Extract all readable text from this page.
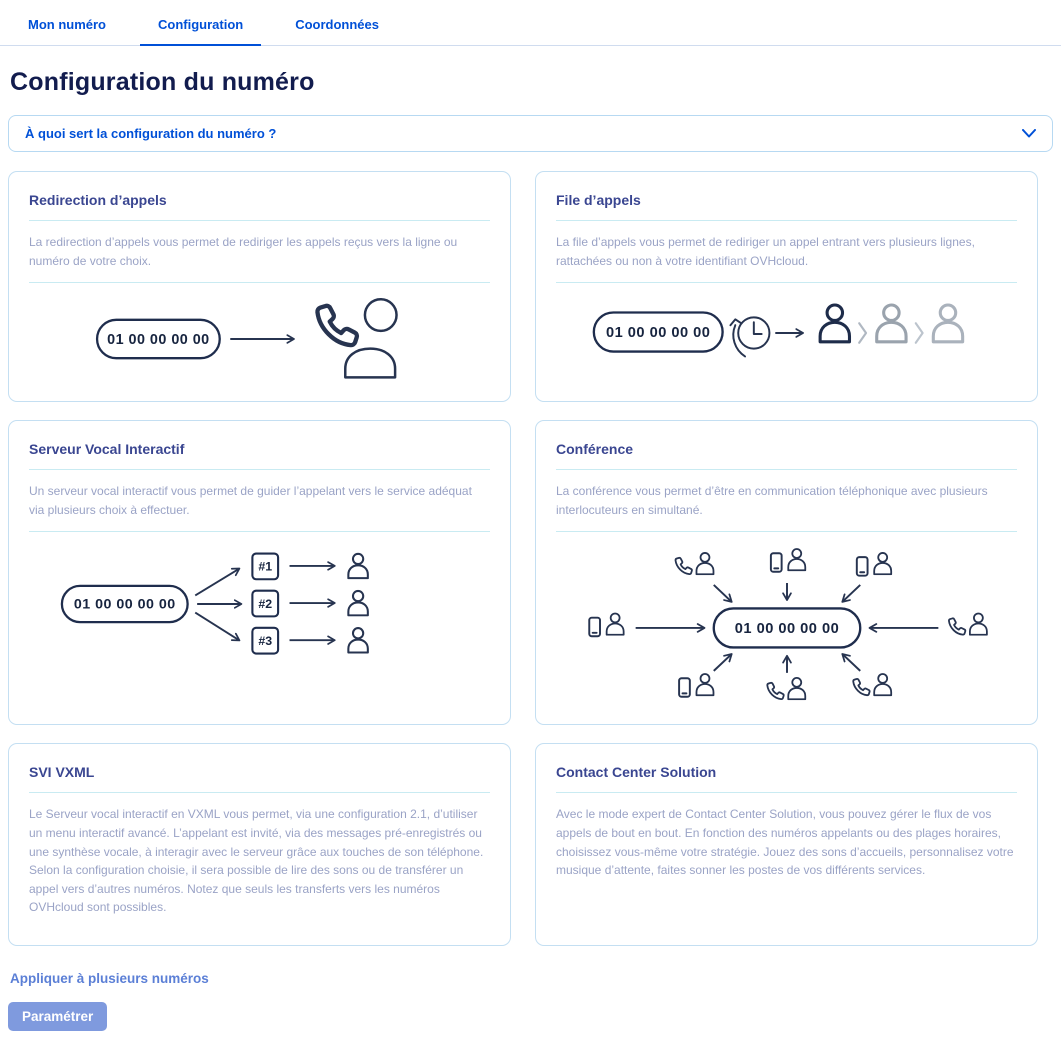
Mon numéro	Configuration	Coordonnées
Configuration du numéro
À quoi sert la configuration du numéro ?
Redirection d’appels

La redirection d’appels vous permet de rediriger les appels reçus vers la ligne ou numéro de votre choix.

01 00 00 00 00
File d’appels

La file d’appels vous permet de rediriger un appel entrant vers plusieurs lignes, rattachées ou non à votre identifiant OVHcloud.

01 00 00 00 00
Serveur Vocal Interactif

Un serveur vocal interactif vous permet de guider l’appelant vers le service adéquat via plusieurs choix à effectuer.

01 00 00 00 00
#1
#2
#3
Conférence

La conférence vous permet d’être en communication téléphonique avec plusieurs interlocuteurs en simultané.

01 00 00 00 00
SVI VXML

Le Serveur vocal interactif en VXML vous permet, via une configuration 2.1, d’utiliser un menu interactif avancé. L’appelant est invité, via des messages pré-enregistrés ou une synthèse vocale, à interagir avec le serveur grâce aux touches de son téléphone. Selon la configuration choisie, il sera possible de lire des sons ou de transférer un appel vers d’autres numéros. Notez que seuls les transferts vers les numéros OVHcloud sont possibles.

Contact Center Solution

Avec le mode expert de Contact Center Solution, vous pouvez gérer le flux de vos appels de bout en bout. En fonction des numéros appelants ou des plages horaires, choisissez vous-même votre stratégie. Jouez des sons d’accueils, personnalisez votre musique d’attente, faites sonner les postes de vos différents services.

Appliquer à plusieurs numéros
Paramétrer
